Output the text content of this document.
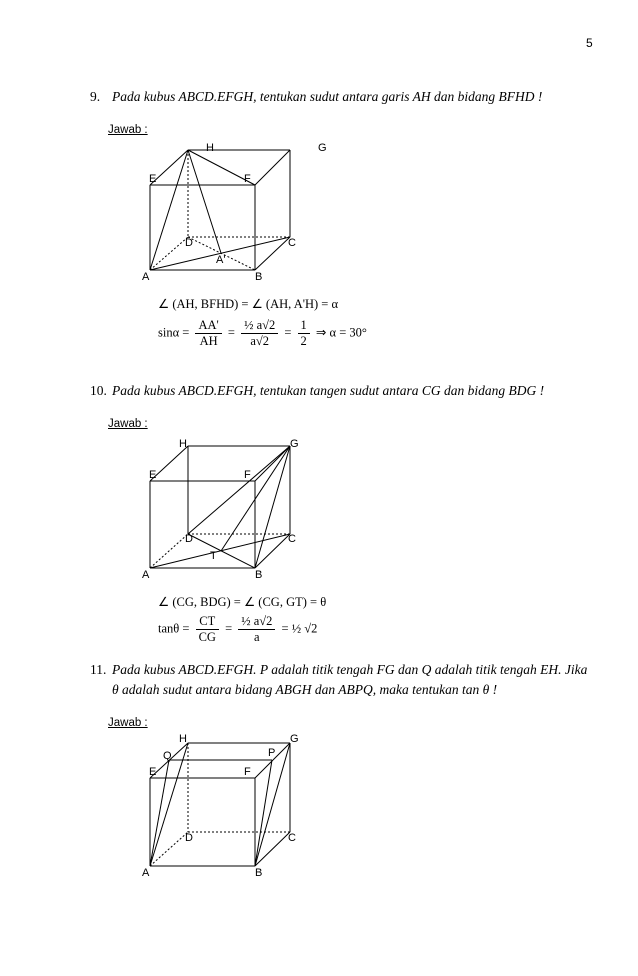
5
9. Pada kubus ABCD.EFGH, tentukan sudut antara garis AH dan bidang BFHD !
Jawab :
H	G
E	F
D	C
A'
A	B
∠ (AH, BFHD) = ∠ (AH, A'H) = α
$\sin\alpha = \frac{AA'}{AH} = \frac{\text{½ a√2}}{a√2} = \frac{1}{2}$ ⇒ α = 30°
10. Pada kubus ABCD.EFGH, tentukan tangen sudut antara CG dan bidang BDG !
Jawab :
H	G
E	F
D	C
T
A	B
∠ (CG, BDG) = ∠ (CG, GT) = θ
$\tan\theta = \frac{CT}{CG} = \frac{\text{½ a√2}}{a}$ = ½ √2
11. Pada kubus ABCD.EFGH. P adalah titik tengah FG dan Q adalah titik tengah EH. Jika
θ adalah sudut antara bidang ABGH dan ABPQ, maka tentukan tan θ !
Jawab :
H	G
Q	P
E	F
D	C
A	B
